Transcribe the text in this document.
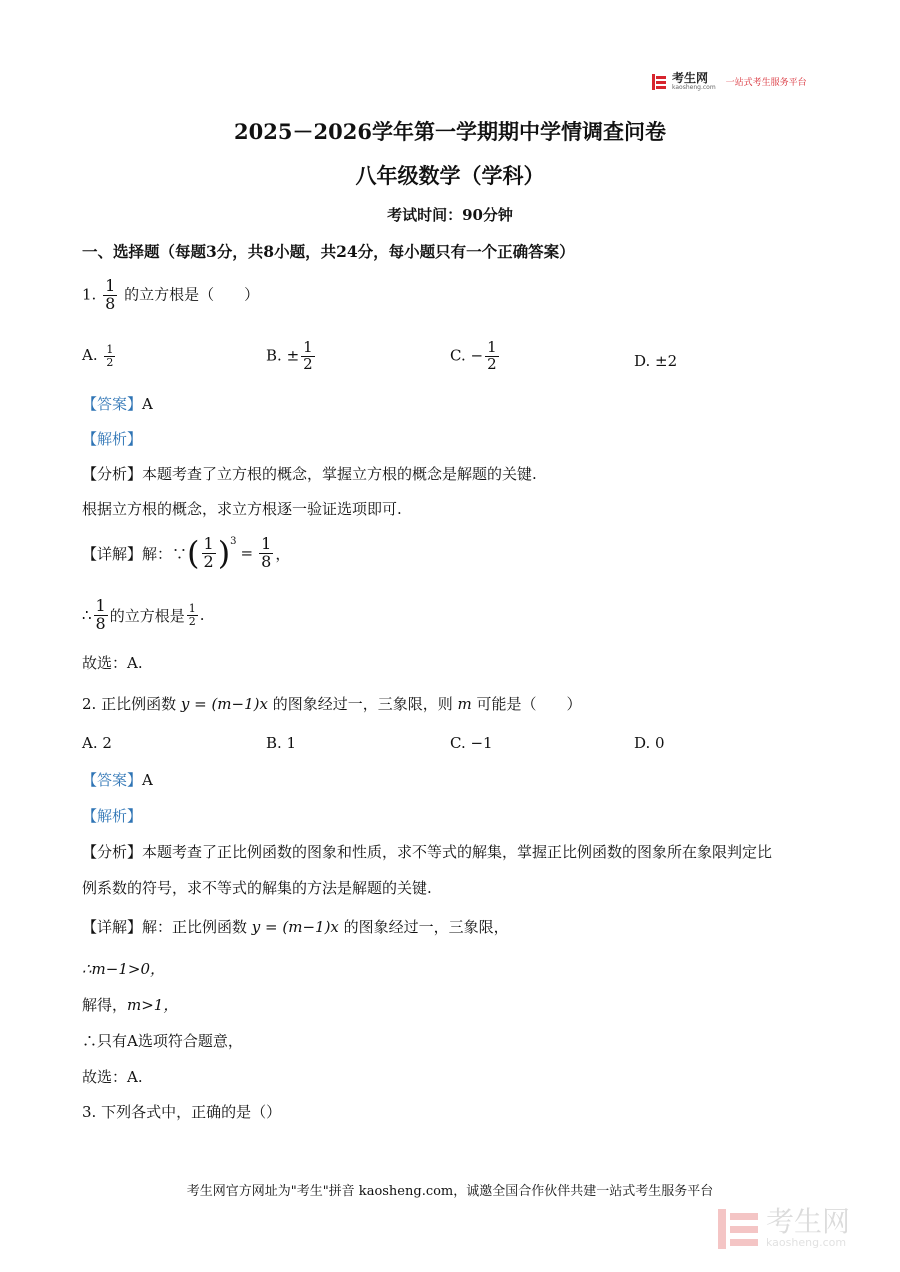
考生网
kaosheng.com 一站式考生服务平台
2025－2026学年第一学期期中学情调查问卷
八年级数学（学科）
考试时间：90分钟
一、选择题（每题3分，共8小题，共24分，每小题只有一个正确答案）
1. $\frac{1}{8}$ 的立方根是（　　）
A. $\frac{1}{2}$	B. ± $\frac{1}{2}$	C. − $\frac{1}{2}$	D. ±2
【答案】A
【解析】
【分析】本题考查了立方根的概念，掌握立方根的概念是解题的关键.
根据立方根的概念，求立方根逐一验证选项即可.
【详解】解：∵ ( $\frac{1}{2} )^3$
= $\frac{1}{8}$ ，
∴ $\frac{1}{8}$ 的立方根是 $\frac{1}{2}$ .
故选：A.
2. 正比例函数 y = (m−1)x 的图象经过一，三象限，则 m 可能是（　　）
A. 2	B. 1	C. −1	D. 0
【答案】A
【解析】
【分析】本题考查了正比例函数的图象和性质，求不等式的解集，掌握正比例函数的图象所在象限判定比
例系数的符号，求不等式的解集的方法是解题的关键.
【详解】解：正比例函数 y = (m−1)x 的图象经过一，三象限，
∴m−1>0，
解得，m>1，
∴只有A选项符合题意，
故选：A.
3. 下列各式中，正确的是（）
考生网官方网址为"考生"拼音 kaosheng.com，诚邀全国合作伙伴共建一站式考生服务平台
考生网
kaosheng.com
